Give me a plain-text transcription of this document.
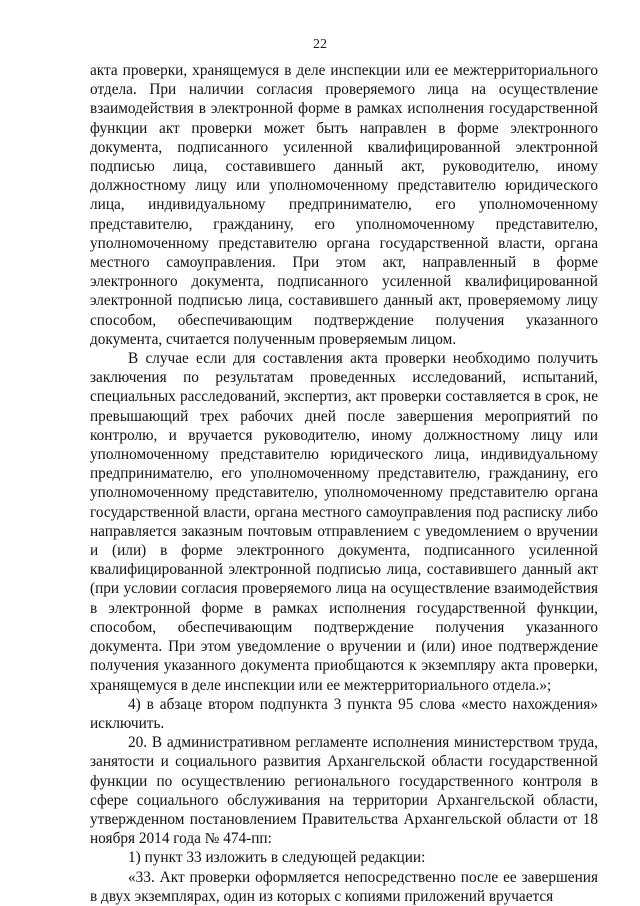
22

акта проверки, хранящемуся в деле инспекции или ее межтерриториального отдела. При наличии согласия проверяемого лица на осуществление взаимодействия в электронной форме в рамках исполнения государственной функции акт проверки может быть направлен в форме электронного документа, подписанного усиленной квалифицированной электронной подписью лица, составившего данный акт, руководителю, иному должностному лицу или уполномоченному представителю юридического лица, индивидуальному предпринимателю, его уполномоченному представителю, гражданину, его уполномоченному представителю, уполномоченному представителю органа государственной власти, органа местного самоуправления. При этом акт, направленный в форме электронного документа, подписанного усиленной квалифицированной электронной подписью лица, составившего данный акт, проверяемому лицу способом, обеспечивающим подтверждение получения указанного документа, считается полученным проверяемым лицом.

В случае если для составления акта проверки необходимо получить заключения по результатам проведенных исследований, испытаний, специальных расследований, экспертиз, акт проверки составляется в срок, не превышающий трех рабочих дней после завершения мероприятий по контролю, и вручается руководителю, иному должностному лицу или уполномоченному представителю юридического лица, индивидуальному предпринимателю, его уполномоченному представителю, гражданину, его уполномоченному представителю, уполномоченному представителю органа государственной власти, органа местного самоуправления под расписку либо направляется заказным почтовым отправлением с уведомлением о вручении и (или) в форме электронного документа, подписанного усиленной квалифицированной электронной подписью лица, составившего данный акт (при условии согласия проверяемого лица на осуществление взаимодействия в электронной форме в рамках исполнения государственной функции, способом, обеспечивающим подтверждение получения указанного документа. При этом уведомление о вручении и (или) иное подтверждение получения указанного документа приобщаются к экземпляру акта проверки, хранящемуся в деле инспекции или ее межтерриториального отдела.»;

4) в абзаце втором подпункта 3 пункта 95 слова «место нахождения» исключить.

20. В административном регламенте исполнения министерством труда, занятости и социального развития Архангельской области государственной функции по осуществлению регионального государственного контроля в сфере социального обслуживания на территории Архангельской области, утвержденном постановлением Правительства Архангельской области от 18 ноября 2014 года № 474-пп:

1) пункт 33 изложить в следующей редакции:

«33. Акт проверки оформляется непосредственно после ее завершения в двух экземплярах, один из которых с копиями приложений вручается
